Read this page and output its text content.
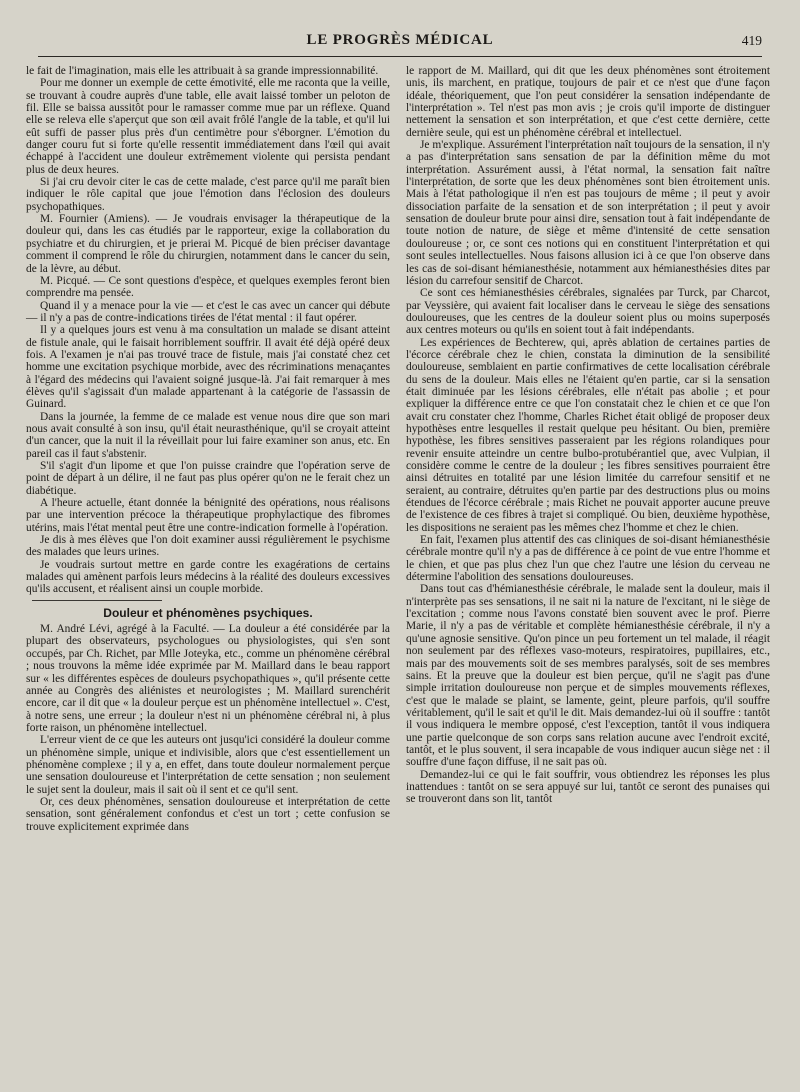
LE PROGRÈS MÉDICAL	419

le fait de l'imagination, mais elle les attribuait à sa grande impressionnabilité.

Pour me donner un exemple de cette émotivité, elle me raconta que la veille, se trouvant à coudre auprès d'une table, elle avait laissé tomber un peloton de fil. Elle se baissa aussitôt pour le ramasser comme mue par un réflexe. Quand elle se releva elle s'aperçut que son œil avait frôlé l'angle de la table, et qu'il lui eût suffi de passer plus près d'un centimètre pour s'éborgner. L'émotion du danger couru fut si forte qu'elle ressentit immédiatement dans l'œil qui avait échappé à l'accident une douleur extrêmement violente qui persista pendant plus de deux heures.

Si j'ai cru devoir citer le cas de cette malade, c'est parce qu'il me paraît bien indiquer le rôle capital que joue l'émotion dans l'éclosion des douleurs psychopathiques.

M. Fournier (Amiens). — Je voudrais envisager la thérapeutique de la douleur qui, dans les cas étudiés par le rapporteur, exige la collaboration du psychiatre et du chirurgien, et je prierai M. Picqué de bien préciser davantage comment il comprend le rôle du chirurgien, notamment dans le cancer du sein, de la lèvre, au début.

M. Picqué. — Ce sont questions d'espèce, et quelques exemples feront bien comprendre ma pensée.

Quand il y a menace pour la vie — et c'est le cas avec un cancer qui débute — il n'y a pas de contre-indications tirées de l'état mental : il faut opérer.

Il y a quelques jours est venu à ma consultation un malade se disant atteint de fistule anale, qui le faisait horriblement souffrir. Il avait été déjà opéré deux fois. A l'examen je n'ai pas trouvé trace de fistule, mais j'ai constaté chez cet homme une excitation psychique morbide, avec des récriminations menaçantes à l'égard des médecins qui l'avaient soigné jusque-là. J'ai fait remarquer à mes élèves qu'il s'agissait d'un malade appartenant à la catégorie de l'assassin de Guinard.

Dans la journée, la femme de ce malade est venue nous dire que son mari nous avait consulté à son insu, qu'il était neurasthénique, qu'il se croyait atteint d'un cancer, que la nuit il la réveillait pour lui faire examiner son anus, etc. En pareil cas il faut s'abstenir.

S'il s'agit d'un lipome et que l'on puisse craindre que l'opération serve de point de départ à un délire, il ne faut pas plus opérer qu'on ne le ferait chez un diabétique.

A l'heure actuelle, étant donnée la bénignité des opérations, nous réalisons par une intervention précoce la thérapeutique prophylactique des fibromes utérins, mais l'état mental peut être une contre-indication formelle à l'opération.

Je dis à mes élèves que l'on doit examiner aussi régulièrement le psychisme des malades que leurs urines.

Je voudrais surtout mettre en garde contre les exagérations de certains malades qui amènent parfois leurs médecins à la réalité des douleurs excessives qu'ils accusent, et réalisent ainsi un couple morbide.

Douleur et phénomènes psychiques.

M. André Lévi, agrégé à la Faculté. — La douleur a été considérée par la plupart des observateurs, psychologues ou physiologistes, qui s'en sont occupés, par Ch. Richet, par Mlle Joteyka, etc., comme un phénomène cérébral ; nous trouvons la même idée exprimée par M. Maillard dans le beau rapport sur « les différentes espèces de douleurs psychopathiques », qu'il présente cette année au Congrès des aliénistes et neurologistes ; M. Maillard surenchérit encore, car il dit que « la douleur perçue est un phénomène intellectuel ». C'est, à notre sens, une erreur ; la douleur n'est ni un phénomène cérébral ni, à plus forte raison, un phénomène intellectuel.

L'erreur vient de ce que les auteurs ont jusqu'ici considéré la douleur comme un phénomène simple, unique et indivisible, alors que c'est essentiellement un phénomène complexe ; il y a, en effet, dans toute douleur normalement perçue une sensation douloureuse et l'interprétation de cette sensation ; non seulement le sujet sent la douleur, mais il sait où il sent et ce qu'il sent.

Or, ces deux phénomènes, sensation douloureuse et interprétation de cette sensation, sont généralement confondus et c'est un tort ; cette confusion se trouve explicitement exprimée dans

le rapport de M. Maillard, qui dit que les deux phénomènes sont étroitement unis, ils marchent, en pratique, toujours de pair et ce n'est que d'une façon idéale, théoriquement, que l'on peut considérer la sensation indépendante de l'interprétation ». Tel n'est pas mon avis ; je crois qu'il importe de distinguer nettement la sensation et son interprétation, et que c'est cette dernière, cette dernière seule, qui est un phénomène cérébral et intellectuel.

Je m'explique. Assurément l'interprétation naît toujours de la sensation, il n'y a pas d'interprétation sans sensation de par la définition même du mot interprétation. Assurément aussi, à l'état normal, la sensation fait naître l'interprétation, de sorte que les deux phénomènes sont bien étroitement unis. Mais à l'état pathologique il n'en est pas toujours de même ; il peut y avoir dissociation parfaite de la sensation et de son interprétation ; il peut y avoir sensation de douleur brute pour ainsi dire, sensation tout à fait indépendante de toute notion de nature, de siège et même d'intensité de cette sensation douloureuse ; or, ce sont ces notions qui en constituent l'interprétation et qui sont seules intellectuelles. Nous faisons allusion ici à ce que l'on observe dans les cas de soi-disant hémianesthésie, notamment aux hémianesthésies dites par lésion du carrefour sensitif de Charcot.

Ce sont ces hémianesthésies cérébrales, signalées par Turck, par Charcot, par Veyssière, qui avaient fait localiser dans le cerveau le siège des sensations douloureuses, que les centres de la douleur soient plus ou moins superposés aux centres moteurs ou qu'ils en soient tout à fait indépendants.

Les expériences de Bechterew, qui, après ablation de certaines parties de l'écorce cérébrale chez le chien, constata la diminution de la sensibilité douloureuse, semblaient en partie confirmatives de cette localisation cérébrale du sens de la douleur. Mais elles ne l'étaient qu'en partie, car si la sensation était diminuée par les lésions cérébrales, elle n'était pas abolie ; et pour expliquer la différence entre ce que l'on constatait chez le chien et ce que l'on avait cru constater chez l'homme, Charles Richet était obligé de proposer deux hypothèses entre lesquelles il restait quelque peu hésitant. Ou bien, première hypothèse, les fibres sensitives passeraient par les régions rolandiques pour revenir ensuite atteindre un centre bulbo-protubérantiel que, avec Vulpian, il considère comme le centre de la douleur ; les fibres sensitives pourraient être ainsi détruites en totalité par une lésion limitée du carrefour sensitif et ne seraient, au contraire, détruites qu'en partie par des destructions plus ou moins étendues de l'écorce cérébrale ; mais Richet ne pouvait apporter aucune preuve de l'existence de ces fibres à trajet si compliqué. Ou bien, deuxième hypothèse, les dispositions ne seraient pas les mêmes chez l'homme et chez le chien.

En fait, l'examen plus attentif des cas cliniques de soi-disant hémianesthésie cérébrale montre qu'il n'y a pas de différence à ce point de vue entre l'homme et le chien, et que pas plus chez l'un que chez l'autre une lésion du cerveau ne détermine l'abolition des sensations douloureuses.

Dans tout cas d'hémianesthésie cérébrale, le malade sent la douleur, mais il n'interprète pas ses sensations, il ne sait ni la nature de l'excitant, ni le siège de l'excitation ; comme nous l'avons constaté bien souvent avec le prof. Pierre Marie, il n'y a pas de véritable et complète hémianesthésie cérébrale, il n'y a qu'une agnosie sensitive. Qu'on pince un peu fortement un tel malade, il réagit non seulement par des réflexes vaso-moteurs, respiratoires, pupillaires, etc., mais par des mouvements soit de ses membres paralysés, soit de ses membres sains. Et la preuve que la douleur est bien perçue, qu'il ne s'agit pas d'une simple irritation douloureuse non perçue et de simples mouvements réflexes, c'est que le malade se plaint, se lamente, geint, pleure parfois, qu'il souffre véritablement, qu'il le sait et qu'il le dit. Mais demandez-lui où il souffre : tantôt il vous indiquera le membre opposé, c'est l'exception, tantôt il vous indiquera une partie quelconque de son corps sans relation aucune avec l'endroit excité, tantôt, et le plus souvent, il sera incapable de vous indiquer aucun siège net : il souffre d'une façon diffuse, il ne sait pas où.

Demandez-lui ce qui le fait souffrir, vous obtiendrez les réponses les plus inattendues : tantôt on se sera appuyé sur lui, tantôt ce seront des punaises qui se trouveront dans son lit, tantôt
